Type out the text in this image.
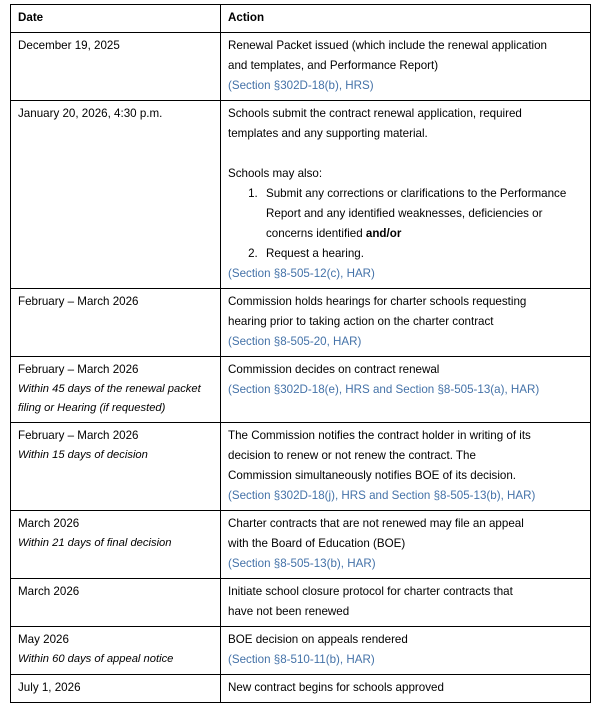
Date	Action

December 19, 2025	Renewal Packet issued (which include the renewal application
and templates, and Performance Report)
(Section §302D-18(b), HRS)

January 20, 2026, 4:30 p.m.	Schools submit the contract renewal application, required
templates and any supporting material.
Schools may also:
1. Submit any corrections or clarifications to the Performance Report and any identified weaknesses, deficiencies or concerns identified and/or
2. Request a hearing.
(Section §8-505-12(c), HAR)

February – March 2026	Commission holds hearings for charter schools requesting
hearing prior to taking action on the charter contract
(Section §8-505-20, HAR)

February – March 2026
Within 45 days of the renewal packet filing or Hearing (if requested)	Commission decides on contract renewal
(Section §302D-18(e), HRS and Section §8-505-13(a), HAR)

February – March 2026
Within 15 days of decision	The Commission notifies the contract holder in writing of its
decision to renew or not renew the contract. The
Commission simultaneously notifies BOE of its decision.
(Section §302D-18(j), HRS and Section §8-505-13(b), HAR)

March 2026
Within 21 days of final decision	Charter contracts that are not renewed may file an appeal
with the Board of Education (BOE)
(Section §8-505-13(b), HAR)

March 2026	Initiate school closure protocol for charter contracts that
have not been renewed

May 2026
Within 60 days of appeal notice	BOE decision on appeals rendered
(Section §8-510-11(b), HAR)

July 1, 2026	New contract begins for schools approved
